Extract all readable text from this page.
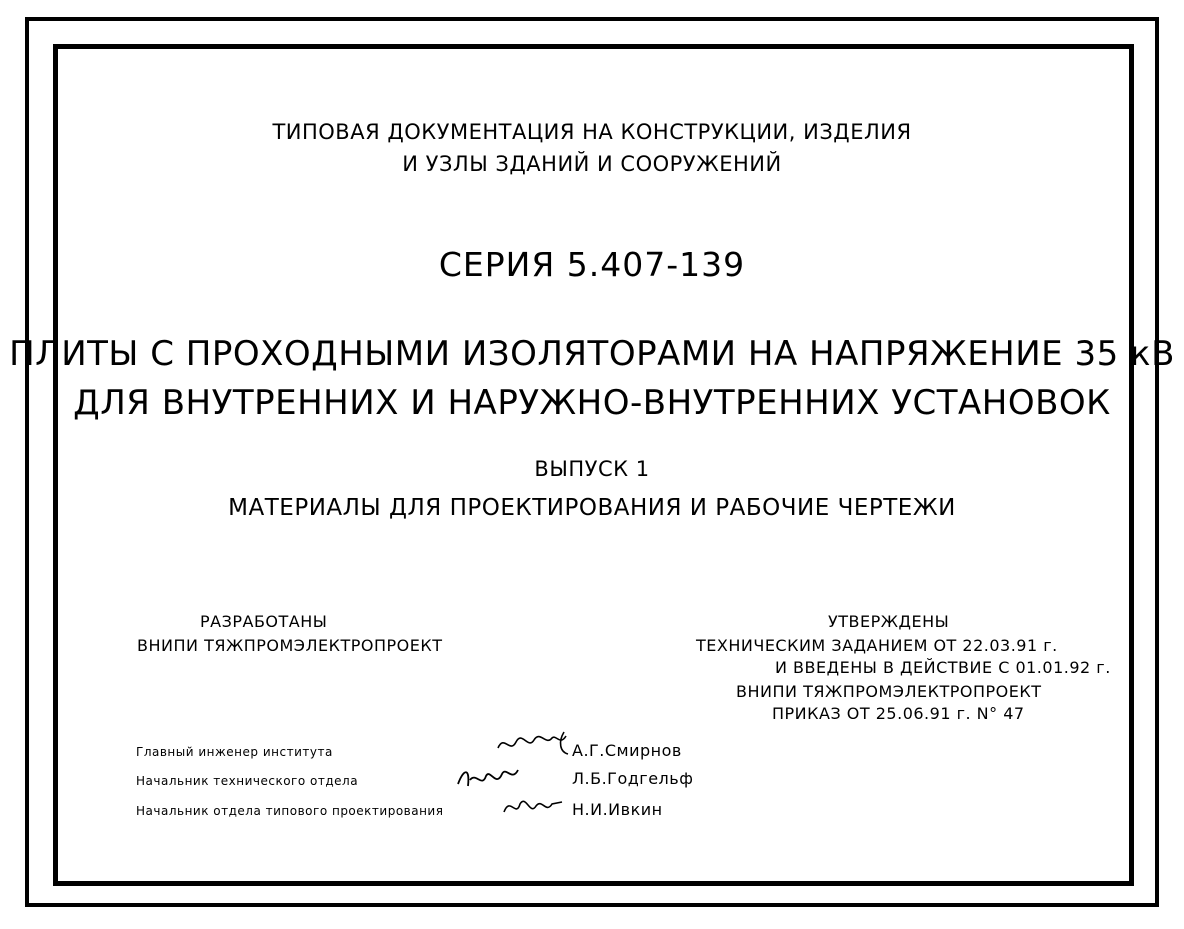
ТИПОВАЯ ДОКУМЕНТАЦИЯ НА КОНСТРУКЦИИ, ИЗДЕЛИЯ
И УЗЛЫ ЗДАНИЙ И СООРУЖЕНИЙ
СЕРИЯ 5.407-139
ПЛИТЫ С ПРОХОДНЫМИ ИЗОЛЯТОРАМИ НА НАПРЯЖЕНИЕ 35 кВ
ДЛЯ ВНУТРЕННИХ И НАРУЖНО-ВНУТРЕННИХ УСТАНОВОК
ВЫПУСК 1
МАТЕРИАЛЫ ДЛЯ ПРОЕКТИРОВАНИЯ И РАБОЧИЕ ЧЕРТЕЖИ
РАЗРАБОТАНЫ
ВНИПИ ТЯЖПРОМЭЛЕКТРОПРОЕКТ
УТВЕРЖДЕНЫ
ТЕХНИЧЕСКИМ ЗАДАНИЕМ ОТ 22.03.91 г.
И ВВЕДЕНЫ В ДЕЙСТВИЕ С 01.01.92 г.
ВНИПИ ТЯЖПРОМЭЛЕКТРОПРОЕКТ
ПРИКАЗ ОТ 25.06.91 г. N° 47
Главный инженер института	А.Г.Смирнов
Начальник технического отдела	Л.Б.Годгельф
Начальник отдела типового проектирования	Н.И.Ивкин
